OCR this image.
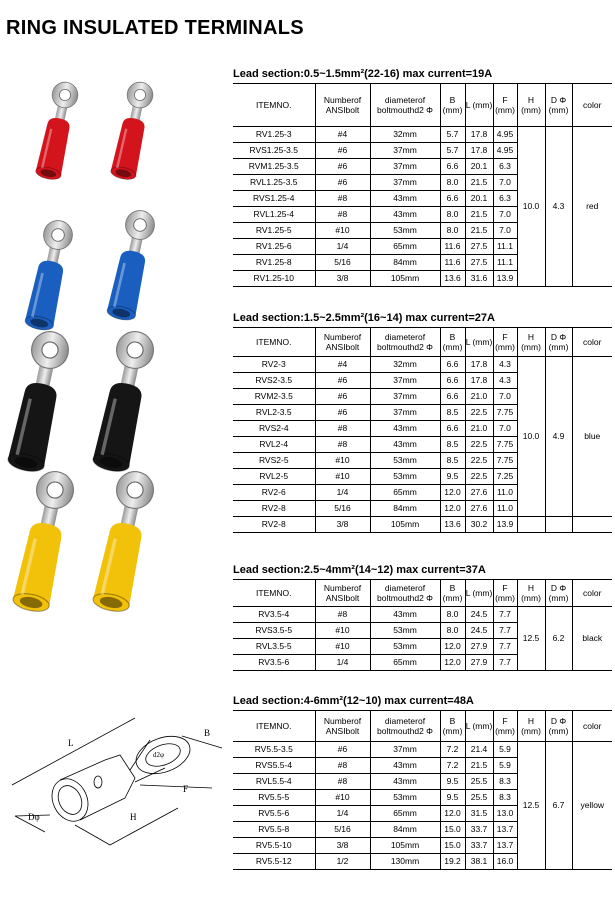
RING INSULATED TERMINALS
L
B
d2φ
F
H
Dφ
Lead section:0.5~1.5mm²(22-16) max current=19A
ITEMNO.	Numberof ANSIbolt	diameterof boltmouthd2 Φ	B (mm)	L (mm)	F (mm)	H (mm)	D Φ (mm)	color
RV1.25-3	#4	32mm	5.7	17.8	4.95	10.0	4.3	red
RVS1.25-3.5	#6	37mm	5.7	17.8	4.95			
RVM1.25-3.5	#6	37mm	6.6	20.1	6.3			
RVL1.25-3.5	#6	37mm	8.0	21.5	7.0			
RVS1.25-4	#8	43mm	6.6	20.1	6.3			
RVL1.25-4	#8	43mm	8.0	21.5	7.0			
RV1.25-5	#10	53mm	8.0	21.5	7.0			
RV1.25-6	1/4	65mm	11.6	27.5	11.1			
RV1.25-8	5/16	84mm	11.6	27.5	11.1			
RV1.25-10	3/8	105mm	13.6	31.6	13.9			
Lead section:1.5~2.5mm²(16~14) max current=27A
ITEMNO.	Numberof ANSIbolt	diameterof boltmouthd2 Φ	B (mm)	L (mm)	F (mm)	H (mm)	D Φ (mm)	color
RV2-3	#4	32mm	6.6	17.8	4.3	10.0	4.9	blue
RVS2-3.5	#6	37mm	6.6	17.8	4.3			
RVM2-3.5	#6	37mm	6.6	21.0	7.0			
RVL2-3.5	#6	37mm	8.5	22.5	7.75			
RVS2-4	#8	43mm	6.6	21.0	7.0			
RVL2-4	#8	43mm	8.5	22.5	7.75			
RVS2-5	#10	53mm	8.5	22.5	7.75			
RVL2-5	#10	53mm	9.5	22.5	7.25			
RV2-6	1/4	65mm	12.0	27.6	11.0			
RV2-8	5/16	84mm	12.0	27.6	11.0			
RV2-8	3/8	105mm	13.6	30.2	13.9			
Lead section:2.5~4mm²(14~12) max current=37A
ITEMNO.	Numberof ANSIbolt	diameterof boltmouthd2 Φ	B (mm)	L (mm)	F (mm)	H (mm)	D Φ (mm)	color
RV3.5-4	#8	43mm	8.0	24.5	7.7	12.5	6.2	black
RVS3.5-5	#10	53mm	8.0	24.5	7.7			
RVL3.5-5	#10	53mm	12.0	27.9	7.7			
RV3.5-6	1/4	65mm	12.0	27.9	7.7			
Lead section:4-6mm²(12~10) max current=48A
ITEMNO.	Numberof ANSIbolt	diameterof boltmouthd2 Φ	B (mm)	L (mm)	F (mm)	H (mm)	D Φ (mm)	color
RV5.5-3.5	#6	37mm	7.2	21.4	5.9	12.5	6.7	yellow
RVS5.5-4	#8	43mm	7.2	21.5	5.9			
RVL5.5-4	#8	43mm	9.5	25.5	8.3			
RV5.5-5	#10	53mm	9.5	25.5	8.3			
RV5.5-6	1/4	65mm	12.0	31.5	13.0			
RV5.5-8	5/16	84mm	15.0	33.7	13.7			
RV5.5-10	3/8	105mm	15.0	33.7	13.7			
RV5.5-12	1/2	130mm	19.2	38.1	16.0			
